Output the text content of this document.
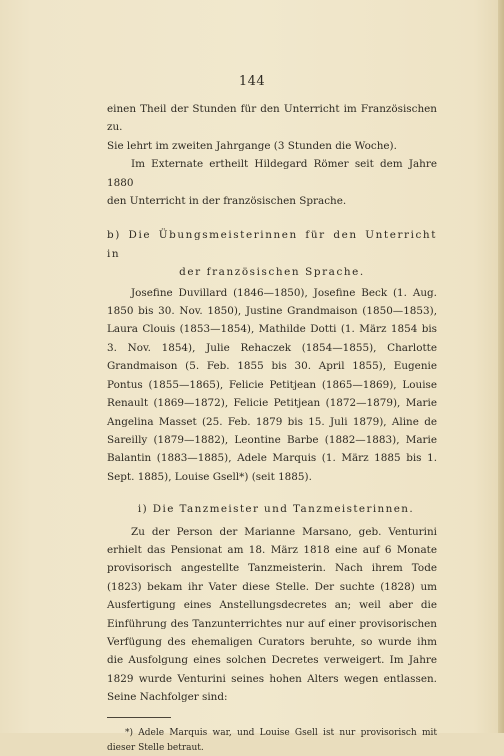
144

einen Theil der Stunden für den Unterricht im Französischen zu.

Sie lehrt im zweiten Jahrgange (3 Stunden die Woche).

Im Externate ertheilt Hildegard Römer seit dem Jahre 1880

den Unterricht in der französischen Sprache.

b) Die Übungsmeisterinnen für den Unterricht in
der französischen Sprache.

Josefine Duvillard (1846—1850), Josefine Beck (1. Aug. 1850 bis 30. Nov. 1850), Justine Grandmaison (1850—1853), Laura Clouis (1853—1854), Mathilde Dotti (1. März 1854 bis 3. Nov. 1854), Julie Rehaczek (1854—1855), Charlotte Grandmaison (5. Feb. 1855 bis 30. April 1855), Eugenie Pontus (1855—1865), Felicie Petitjean (1865—1869), Louise Renault (1869—1872), Felicie Petitjean (1872—1879), Marie Angelina Masset (25. Feb. 1879 bis 15. Juli 1879), Aline de Sareilly (1879—1882), Leontine Barbe (1882—1883), Marie Balantin (1883—1885), Adele Marquis (1. März 1885 bis 1. Sept. 1885), Louise Gsell*) (seit 1885).

i) Die Tanzmeister und Tanzmeisterinnen.

Zu der Person der Marianne Marsano, geb. Venturini erhielt das Pensionat am 18. März 1818 eine auf 6 Monate provisorisch angestellte Tanzmeisterin. Nach ihrem Tode (1823) bekam ihr Vater diese Stelle. Der suchte (1828) um Ausfertigung eines Anstellungsdecretes an; weil aber die Einführung des Tanzunterrichtes nur auf einer provisorischen Verfügung des ehemaligen Curators beruhte, so wurde ihm die Ausfolgung eines solchen Decretes verweigert. Im Jahre 1829 wurde Venturini seines hohen Alters wegen entlassen. Seine Nachfolger sind:

*) Adele Marquis war, und Louise Gsell ist nur provisorisch mit dieser Stelle betraut.
